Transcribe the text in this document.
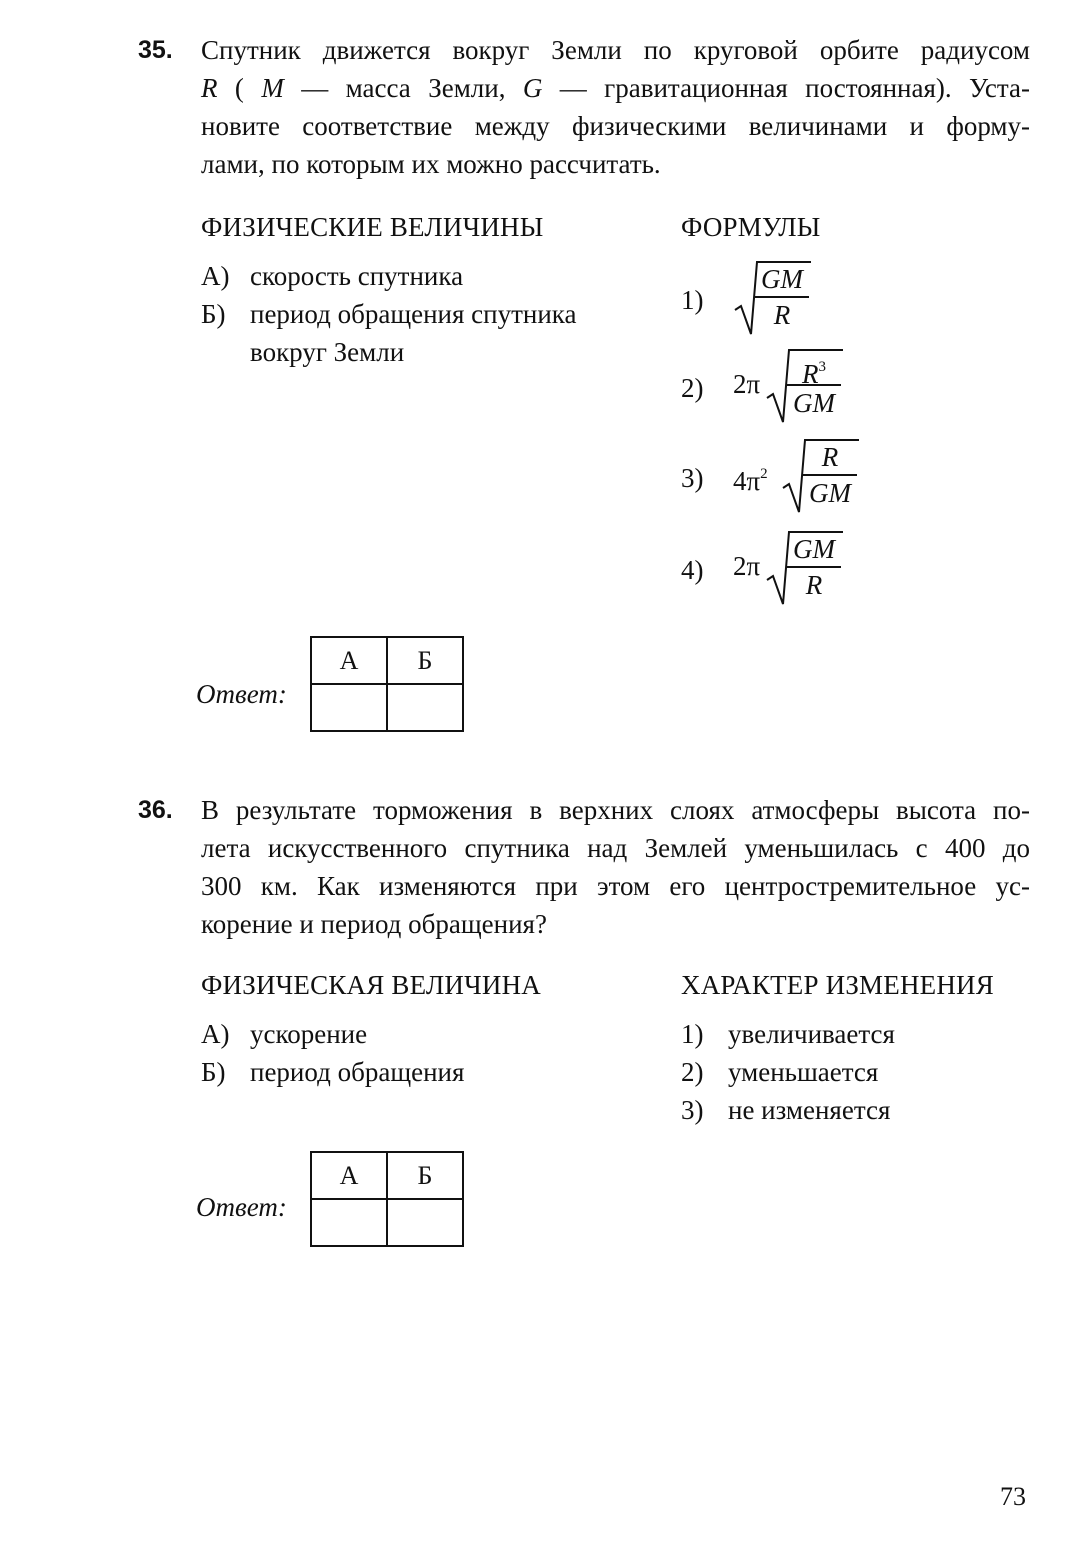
35. Спутник движется вокруг Земли по круговой орбите радиусом
R ( M — масса Земли, G — гравитационная постоянная). Уста-
новите соответствие между физическими величинами и форму-
лами, по которым их можно рассчитать.
ФИЗИЧЕСКИЕ ВЕЛИЧИНЫ	ФОРМУЛЫ
А) скорость спутника
Б) период обращения спутника
вокруг Земли
1)
GM
R
2) 2π	$R^3$
GM
3) $4\pi^2$
R
GM
4) 2π
GM
R
Ответ:
А	Б

36. В результате торможения в верхних слоях атмосферы высота по-
лета искусственного спутника над Землей уменьшилась с 400 до
300 км. Как изменяются при этом его центростремительное ус-
корение и период обращения?
ФИЗИЧЕСКАЯ ВЕЛИЧИНА	ХАРАКТЕР ИЗМЕНЕНИЯ
А) ускорение
Б) период обращения
1) увеличивается
2) уменьшается
3) не изменяется
Ответ:
А	Б

73
